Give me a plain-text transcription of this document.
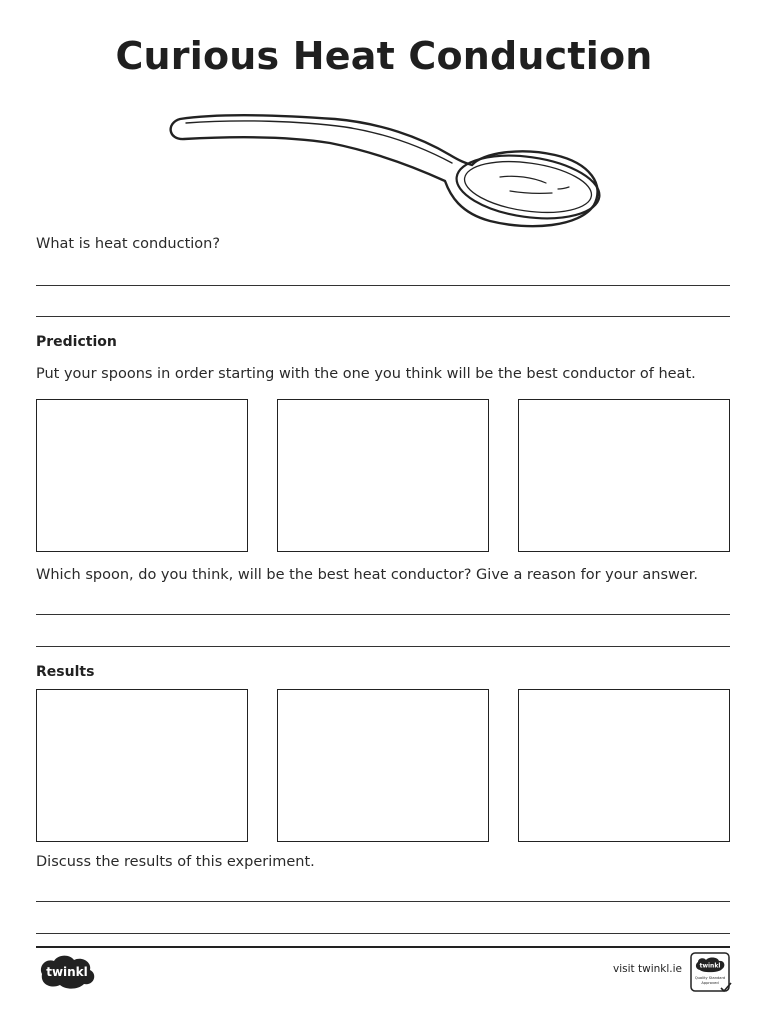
Curious Heat Conduction
What is heat conduction?
Prediction
Put your spoons in order starting with the one you think will be the best conductor of heat.
Which spoon, do you think, will be the best heat conductor? Give a reason for your answer.
Results
Discuss the results of this experiment.
twinkl	visit twinkl.ie	twinkl
Quality Standard
Approved
